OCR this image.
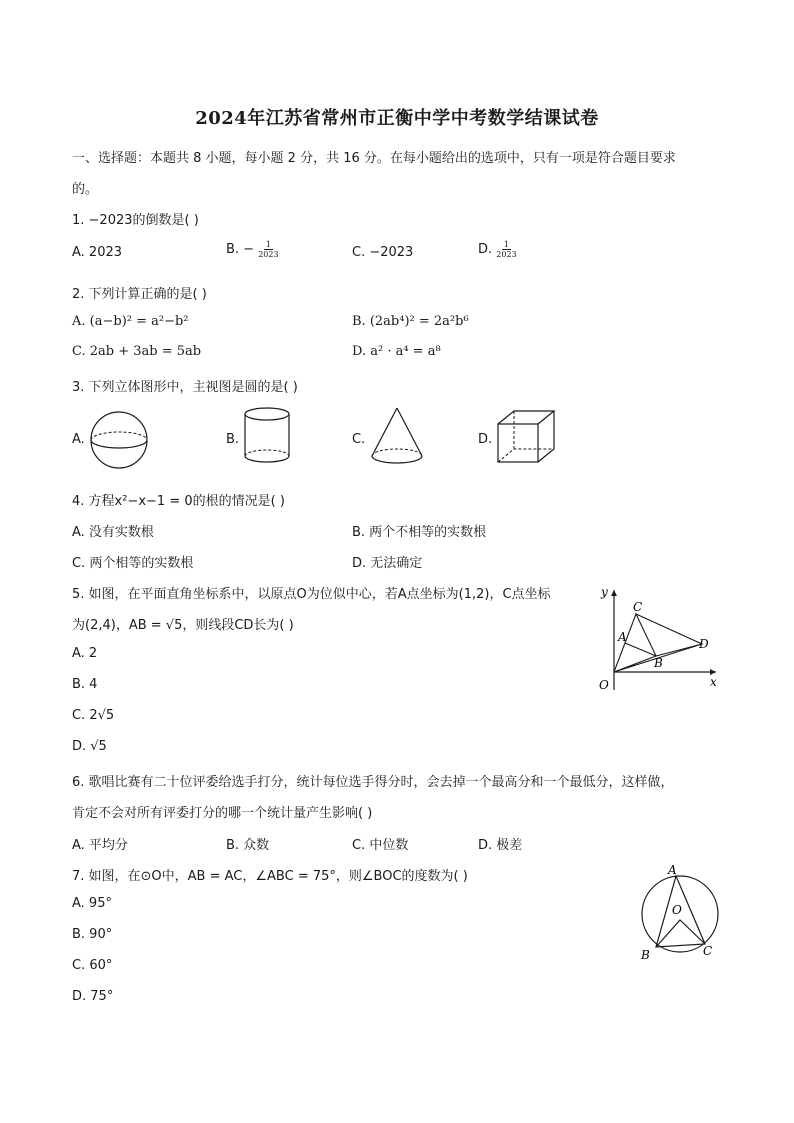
2024年江苏省常州市正衡中学中考数学结课试卷
一、选择题：本题共 8 小题，每小题 2 分，共 16 分。在每小题给出的选项中，只有一项是符合题目要求
的。
1. −2023的倒数是( )
A. 2023	B. − $\frac{1}{2023}$	C. −2023	D. $\frac{1}{2023}$
2. 下列计算正确的是( )
A. (a−b)² = a²−b²	B. (2ab⁴)² = 2a²b⁶
C. 2ab + 3ab = 5ab	D. a² · a⁴ = a⁸
3. 下列立体图形中，主视图是圆的是( )
A.	B.	C.	D.
4. 方程x²−x−1 = 0的根的情况是( )
A. 没有实数根	B. 两个不相等的实数根
C. 两个相等的实数根	D. 无法确定
5. 如图，在平面直角坐标系中，以原点O为位似中心，若A点坐标为(1,2)，C点坐标
为(2,4)，AB = √5，则线段CD长为( )
A. 2
B. 4
C. 2√5
D. √5
y
x
O
A
B
C
D
6. 歌唱比赛有二十位评委给选手打分，统计每位选手得分时，会去掉一个最高分和一个最低分，这样做，
肯定不会对所有评委打分的哪一个统计量产生影响( )
A. 平均分	B. 众数	C. 中位数	D. 极差
7. 如图，在⊙O中，AB = AC，∠ABC = 75°，则∠BOC的度数为( )
A. 95°
B. 90°
C. 60°
D. 75°
A
O
B	C
